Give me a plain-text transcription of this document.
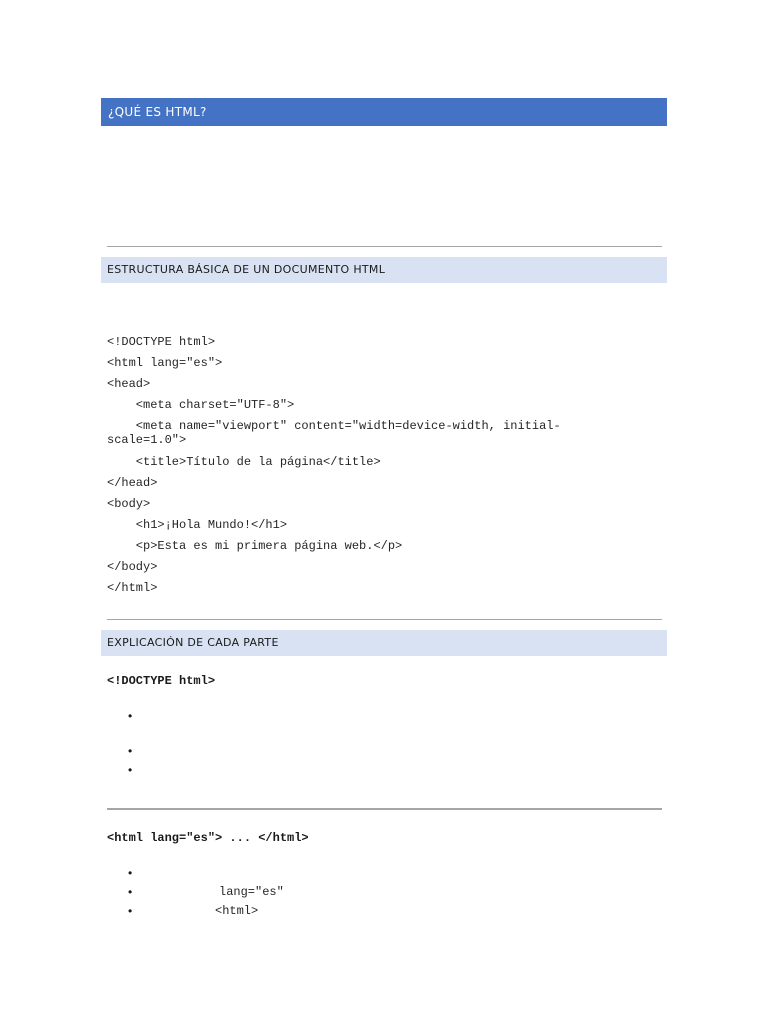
¿QUÉ ES HTML?
ESTRUCTURA BÁSICA DE UN DOCUMENTO HTML
<!DOCTYPE html>
<html lang="es">
<head>
<meta charset="UTF-8">
<meta name="viewport" content="width=device-width, initial-
scale=1.0">
<title>Título de la página</title>
</head>
<body>
<h1>¡Hola Mundo!</h1>
<p>Esta es mi primera página web.</p>
</body>
</html>
EXPLICACIÓN DE CADA PARTE
<!DOCTYPE html>
•
•
•
<html lang="es"> ... </html>
•
•	lang="es"
•	<html>
